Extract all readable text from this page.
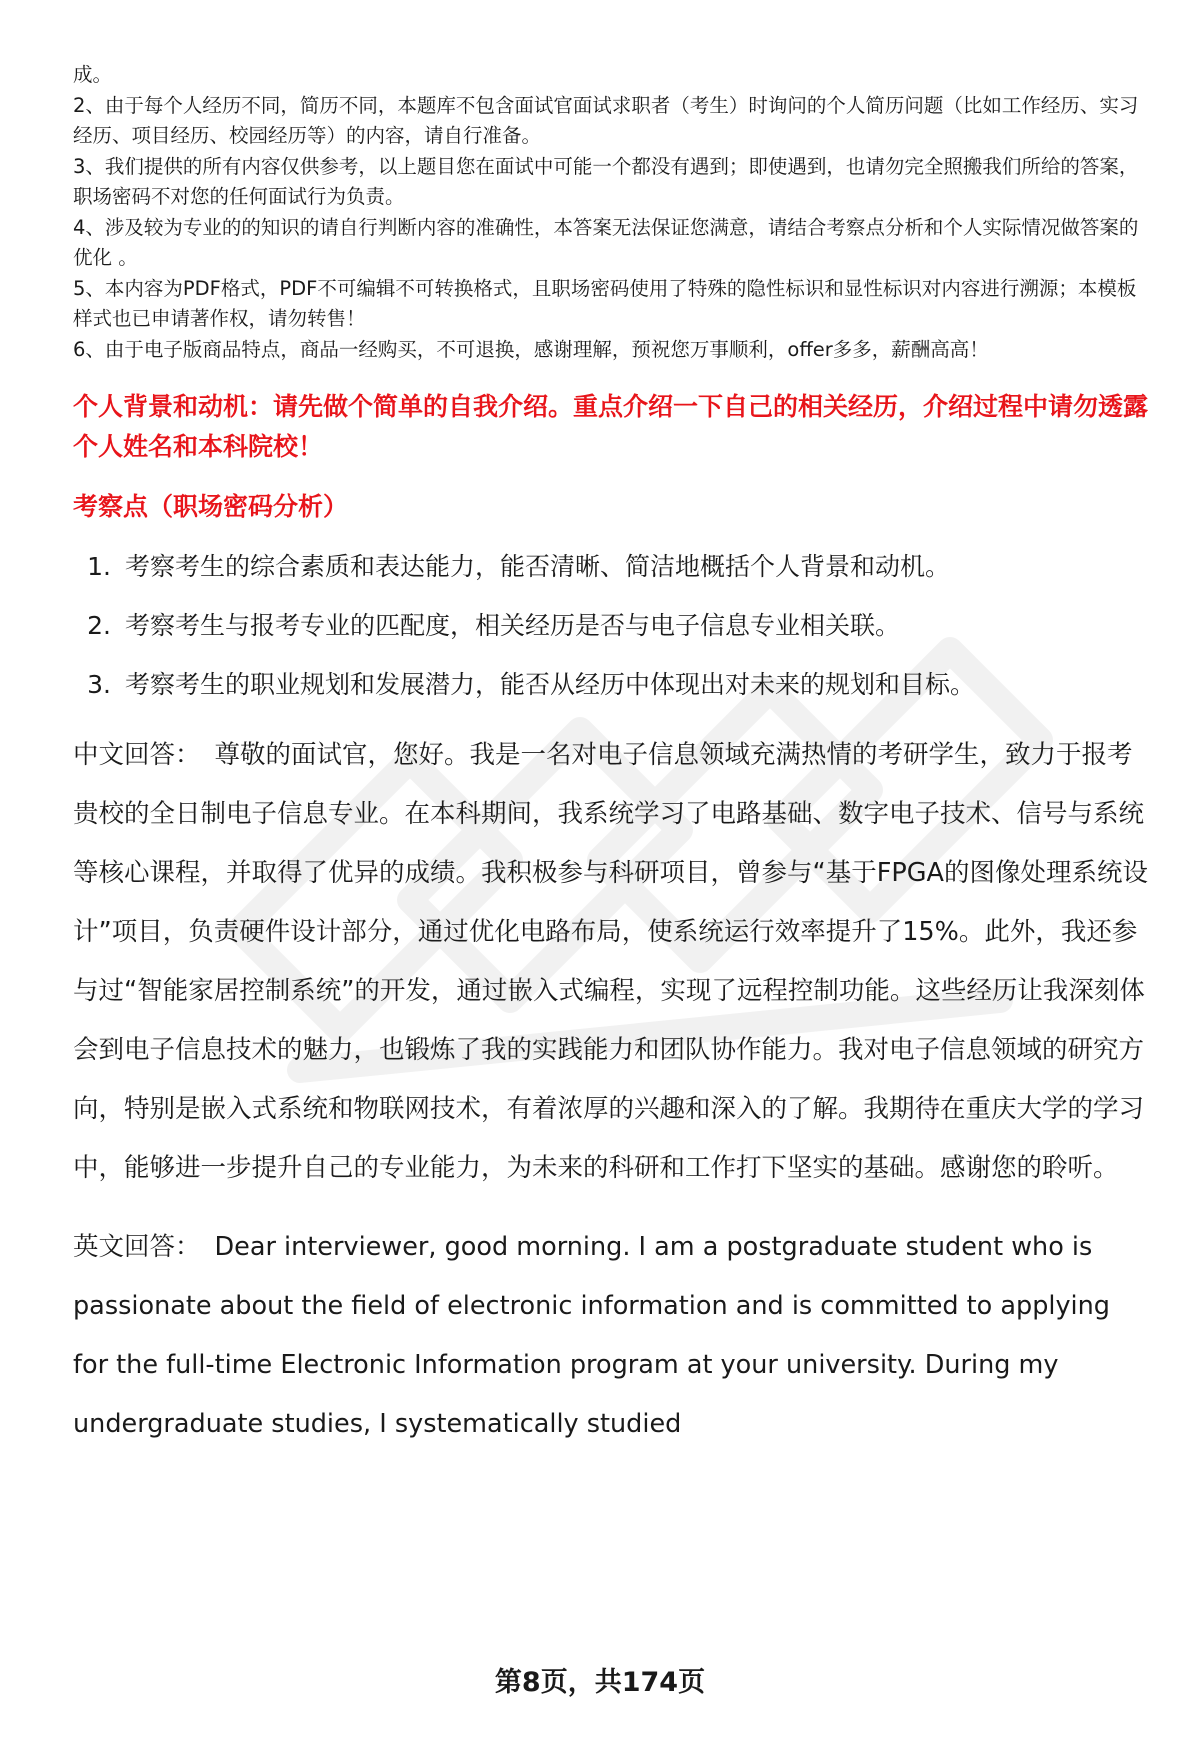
成。

2、由于每个人经历不同，简历不同，本题库不包含面试官面试求职者（考生）时询问的个人简历问题（比如工作经历、实习经历、项目经历、校园经历等）的内容，请自行准备。

3、我们提供的所有内容仅供参考，以上题目您在面试中可能一个都没有遇到；即使遇到，也请勿完全照搬我们所给的答案，职场密码不对您的任何面试行为负责。

4、涉及较为专业的的知识的请自行判断内容的准确性，本答案无法保证您满意，请结合考察点分析和个人实际情况做答案的优化 。

5、本内容为PDF格式，PDF不可编辑不可转换格式，且职场密码使用了特殊的隐性标识和显性标识对内容进行溯源；本模板样式也已申请著作权，请勿转售！

6、由于电子版商品特点，商品一经购买，不可退换，感谢理解，预祝您万事顺利，offer多多，薪酬高高！

个人背景和动机：请先做个简单的自我介绍。重点介绍一下自己的相关经历，介绍过程中请勿透露个人姓名和本科院校！
考察点（职场密码分析）
1. 考察考生的综合素质和表达能力，能否清晰、简洁地概括个人背景和动机。
2. 考察考生与报考专业的匹配度，相关经历是否与电子信息专业相关联。
3. 考察考生的职业规划和发展潜力，能否从经历中体现出对未来的规划和目标。

中文回答： 尊敬的面试官，您好。我是一名对电子信息领域充满热情的考研学生，致力于报考贵校的全日制电子信息专业。在本科期间，我系统学习了电路基础、数字电子技术、信号与系统等核心课程，并取得了优异的成绩。我积极参与科研项目，曾参与“基于FPGA的图像处理系统设计”项目，负责硬件设计部分，通过优化电路布局，使系统运行效率提升了15%。此外，我还参与过“智能家居控制系统”的开发，通过嵌入式编程，实现了远程控制功能。这些经历让我深刻体会到电子信息技术的魅力，也锻炼了我的实践能力和团队协作能力。我对电子信息领域的研究方向，特别是嵌入式系统和物联网技术，有着浓厚的兴趣和深入的了解。我期待在重庆大学的学习中，能够进一步提升自己的专业能力，为未来的科研和工作打下坚实的基础。感谢您的聆听。

英文回答： Dear interviewer, good morning. I am a postgraduate student who is passionate about the field of electronic information and is committed to applying for the full-time Electronic Information program at your university. During my undergraduate studies, I systematically studied

第8页，共174页
